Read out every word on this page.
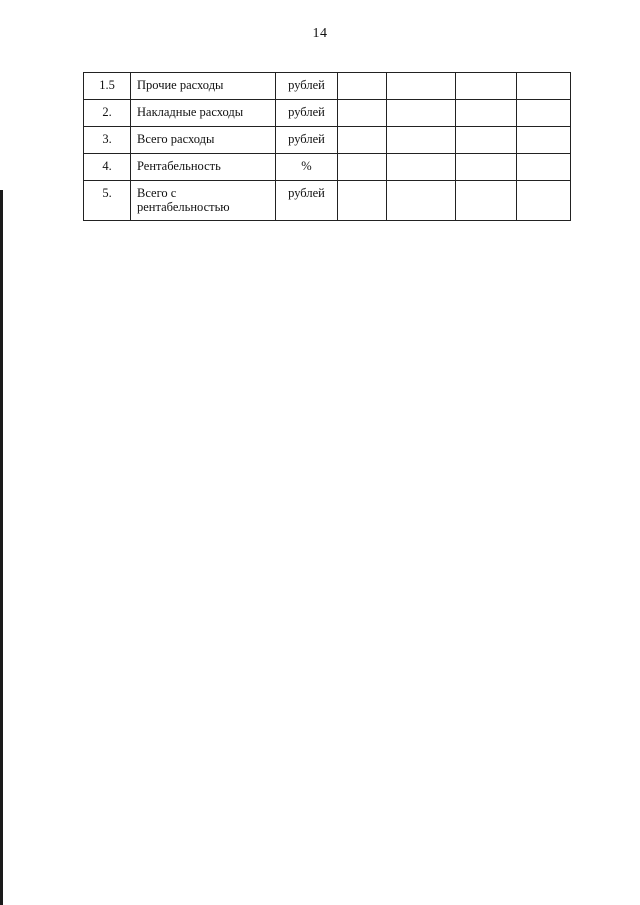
14
1.5	Прочие расходы	рублей				
2.	Накладные расходы	рублей				
3.	Всего расходы	рублей				
4.	Рентабельность	%				
5.	Всего с рентабельностью	рублей				
